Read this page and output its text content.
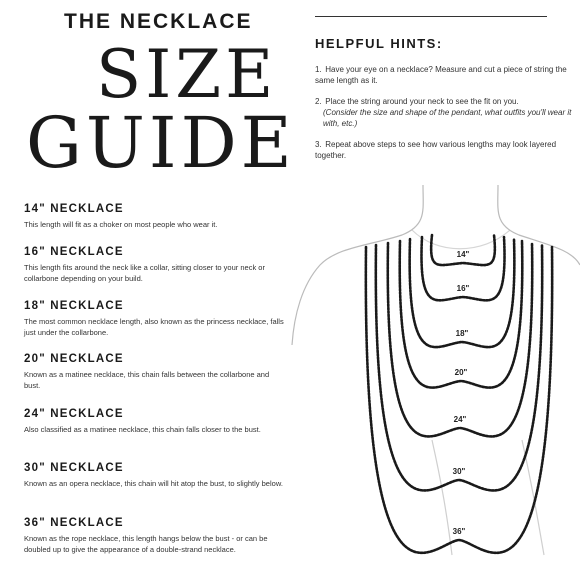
THE NECKLACE
SIZE
GUIDE
HELPFUL HINTS:
1. Have your eye on a necklace? Measure and cut a piece of string the same length as it.
2. Place the string around your neck to see the fit on you.
(Consider the size and shape of the pendant, what outfits you'll wear it with, etc.)
3. Repeat above steps to see how various lengths may look layered together.

14" NECKLACE

This length will fit as a choker on most people who wear it.

16" NECKLACE

This length fits around the neck like a collar, sitting closer to your neck or collarbone depending on your build.

18" NECKLACE

The most common necklace length, also known as the princess necklace, falls just under the collarbone.

20" NECKLACE

Known as a matinee necklace, this chain falls between the collarbone and bust.

24" NECKLACE

Also classified as a matinee necklace, this chain falls closer to the bust.

30" NECKLACE

Known as an opera necklace, this chain will hit atop the bust, to slightly below.

36" NECKLACE

Known as the rope necklace, this length hangs below the bust - or can be doubled up to give the appearance of a double-strand necklace.

14"
16"
18"
20"
24"
30"
36"
